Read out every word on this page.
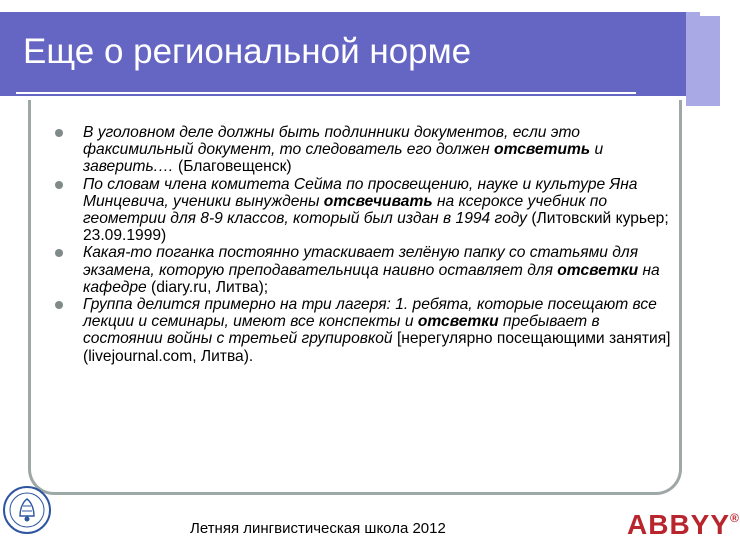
Еще о региональной норме
В уголовном деле должны быть подлинники документов, если это факсимильный документ, то следователь его должен отсветить и заверить.… (Благовещенск)
По словам члена комитета Сейма по просвещению, науке и культуре Яна Минцевича, ученики вынуждены отсвечивать на ксероксе учебник по геометрии для 8-9 классов, который был издан в 1994 году (Литовский курьер; 23.09.1999)
Какая-то поганка постоянно утаскивает зелёную папку со статьями для экзамена, которую преподавательница наивно оставляет для отсветки на кафедре (diary.ru, Литва);
Группа делится примерно на три лагеря: 1. ребята, которые посещают все лекции и семинары, имеют все конспекты и отсветки пребывает в состоянии войны с третьей групировкой [нерегулярно посещающими занятия] (livejournal.com, Литва).
Летняя лингвистическая школа 2012	ABBYY®
